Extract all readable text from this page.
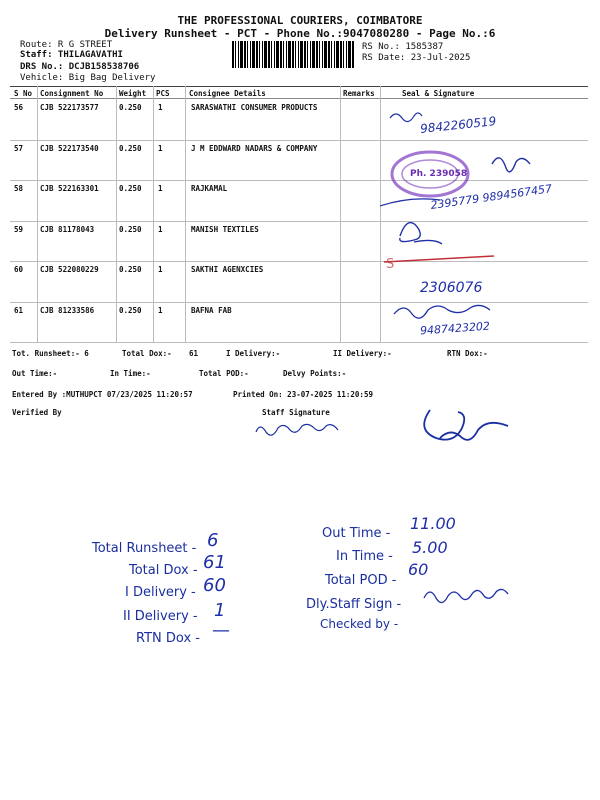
THE PROFESSIONAL COURIERS, COIMBATORE
Delivery Runsheet - PCT - Phone No.:9047080280 - Page No.:6
Route: R G STREET
Staff: THILAGAVATHI
DRS No.: DCJB158538706
Vehicle: Big Bag Delivery
RS No.: 1585387
RS Date: 23-Jul-2025
S No Consignment No Weight PCS	Consignee Details	Remarks	Seal & Signature
56 CJB 522173577	0.250 1	SARASWATHI CONSUMER PRODUCTS
57 CJB 522173540	0.250 1	J M EDDWARD NADARS & COMPANY
58 CJB 522163301	0.250 1	RAJKAMAL
59 CJB 81178043	0.250 1	MANISH TEXTILES
60 CJB 522080229	0.250 1	SAKTHI AGENXCIES
61 CJB 81233586	0.250 1	BAFNA FAB
S
9842260519
Ph. 239058
2395779 9894567457
2306076
9487423202
Tot. Runsheet:- 6	Total Dox:- 61	I Delivery:-	II Delivery:-	RTN Dox:-
Out Time:-	In Time:-	Total POD:-	Delvy Points:-
Entered By :MUTHUPCT 07/23/2025 11:20:57	Printed On: 23-07-2025 11:20:59
Verified By	Staff Signature
Total Runsheet - 6
Total Dox - 61
I Delivery - 60
II Delivery - 1
RTN Dox - —
Out Time -
11.00
In Time - 5.00
Total POD -
60
Dly.Staff Sign -
Checked by -
